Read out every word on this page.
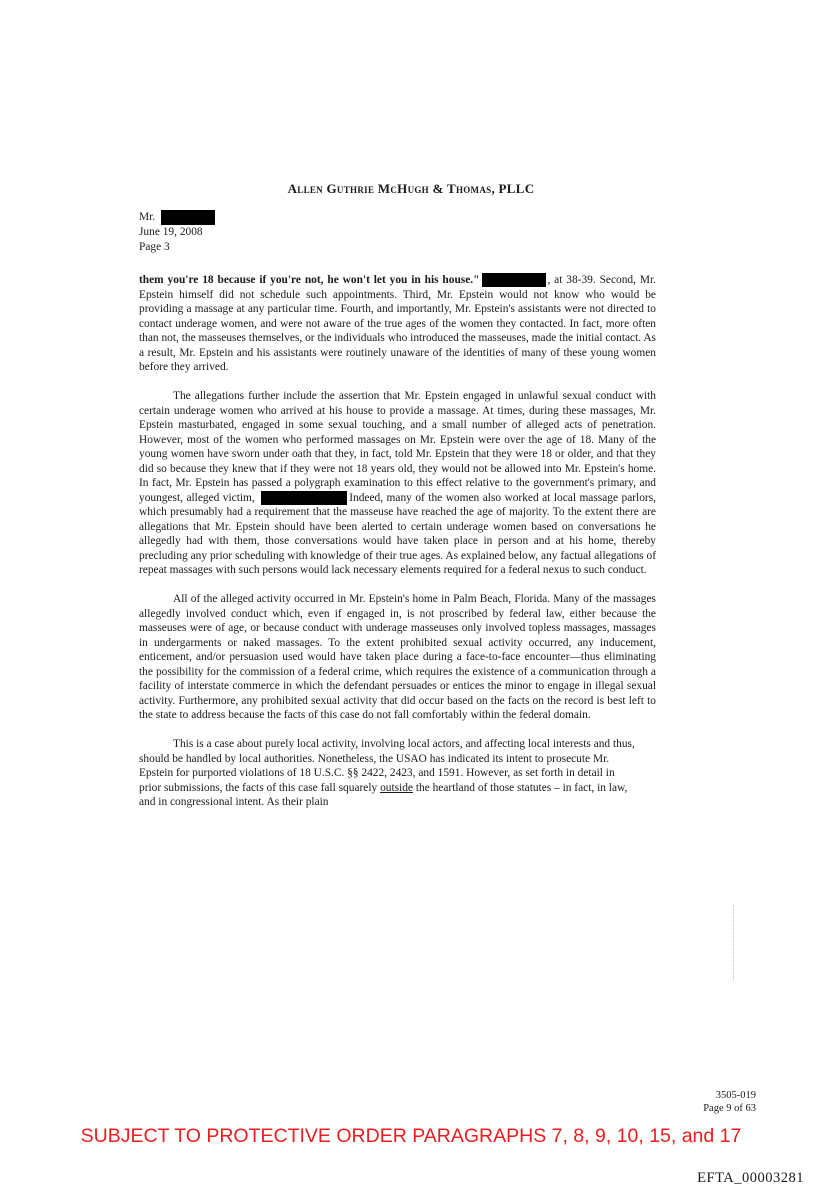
Allen Guthrie McHugh & Thomas, PLLC
Mr.
June 19, 2008
Page 3

them you're 18 because if you're not, he won't let you in his house."	, at 38-39. Second, Mr. Epstein himself did not schedule such appointments. Third, Mr. Epstein would not know who would be providing a massage at any particular time. Fourth, and importantly, Mr. Epstein's assistants were not directed to contact underage women, and were not aware of the true ages of the women they contacted. In fact, more often than not, the masseuses themselves, or the individuals who introduced the masseuses, made the initial contact. As a result, Mr. Epstein and his assistants were routinely unaware of the identities of many of these young women before they arrived.

The allegations further include the assertion that Mr. Epstein engaged in unlawful sexual conduct with certain underage women who arrived at his house to provide a massage. At times, during these massages, Mr. Epstein masturbated, engaged in some sexual touching, and a small number of alleged acts of penetration. However, most of the women who performed massages on Mr. Epstein were over the age of 18. Many of the young women have sworn under oath that they, in fact, told Mr. Epstein that they were 18 or older, and that they did so because they knew that if they were not 18 years old, they would not be allowed into Mr. Epstein's home. In fact, Mr. Epstein has passed a polygraph examination to this effect relative to the government's primary, and youngest, alleged victim,	Indeed, many of the women also worked at local massage parlors, which presumably had a requirement that the masseuse have reached the age of majority. To the extent there are allegations that Mr. Epstein should have been alerted to certain underage women based on conversations he allegedly had with them, those conversations would have taken place in person and at his home, thereby precluding any prior scheduling with knowledge of their true ages. As explained below, any factual allegations of repeat massages with such persons would lack necessary elements required for a federal nexus to such conduct.

All of the alleged activity occurred in Mr. Epstein's home in Palm Beach, Florida. Many of the massages allegedly involved conduct which, even if engaged in, is not proscribed by federal law, either because the masseuses were of age, or because conduct with underage masseuses only involved topless massages, massages in undergarments or naked massages. To the extent prohibited sexual activity occurred, any inducement, enticement, and/or persuasion used would have taken place during a face-to-face encounter—thus eliminating the possibility for the commission of a federal crime, which requires the existence of a communication through a facility of interstate commerce in which the defendant persuades or entices the minor to engage in illegal sexual activity. Furthermore, any prohibited sexual activity that did occur based on the facts on the record is best left to the state to address because the facts of this case do not fall comfortably within the federal domain.

This is a case about purely local activity, involving local actors, and affecting local interests and thus, should be handled by local authorities. Nonetheless, the USAO has indicated its intent to prosecute Mr. Epstein for purported violations of 18 U.S.C. §§ 2422, 2423, and 1591. However, as set forth in detail in prior submissions, the facts of this case fall squarely outside the heartland of those statutes – in fact, in law, and in congressional intent. As their plain

3505-019
Page 9 of 63
SUBJECT TO PROTECTIVE ORDER PARAGRAPHS 7, 8, 9, 10, 15, and 17
EFTA_00003281
